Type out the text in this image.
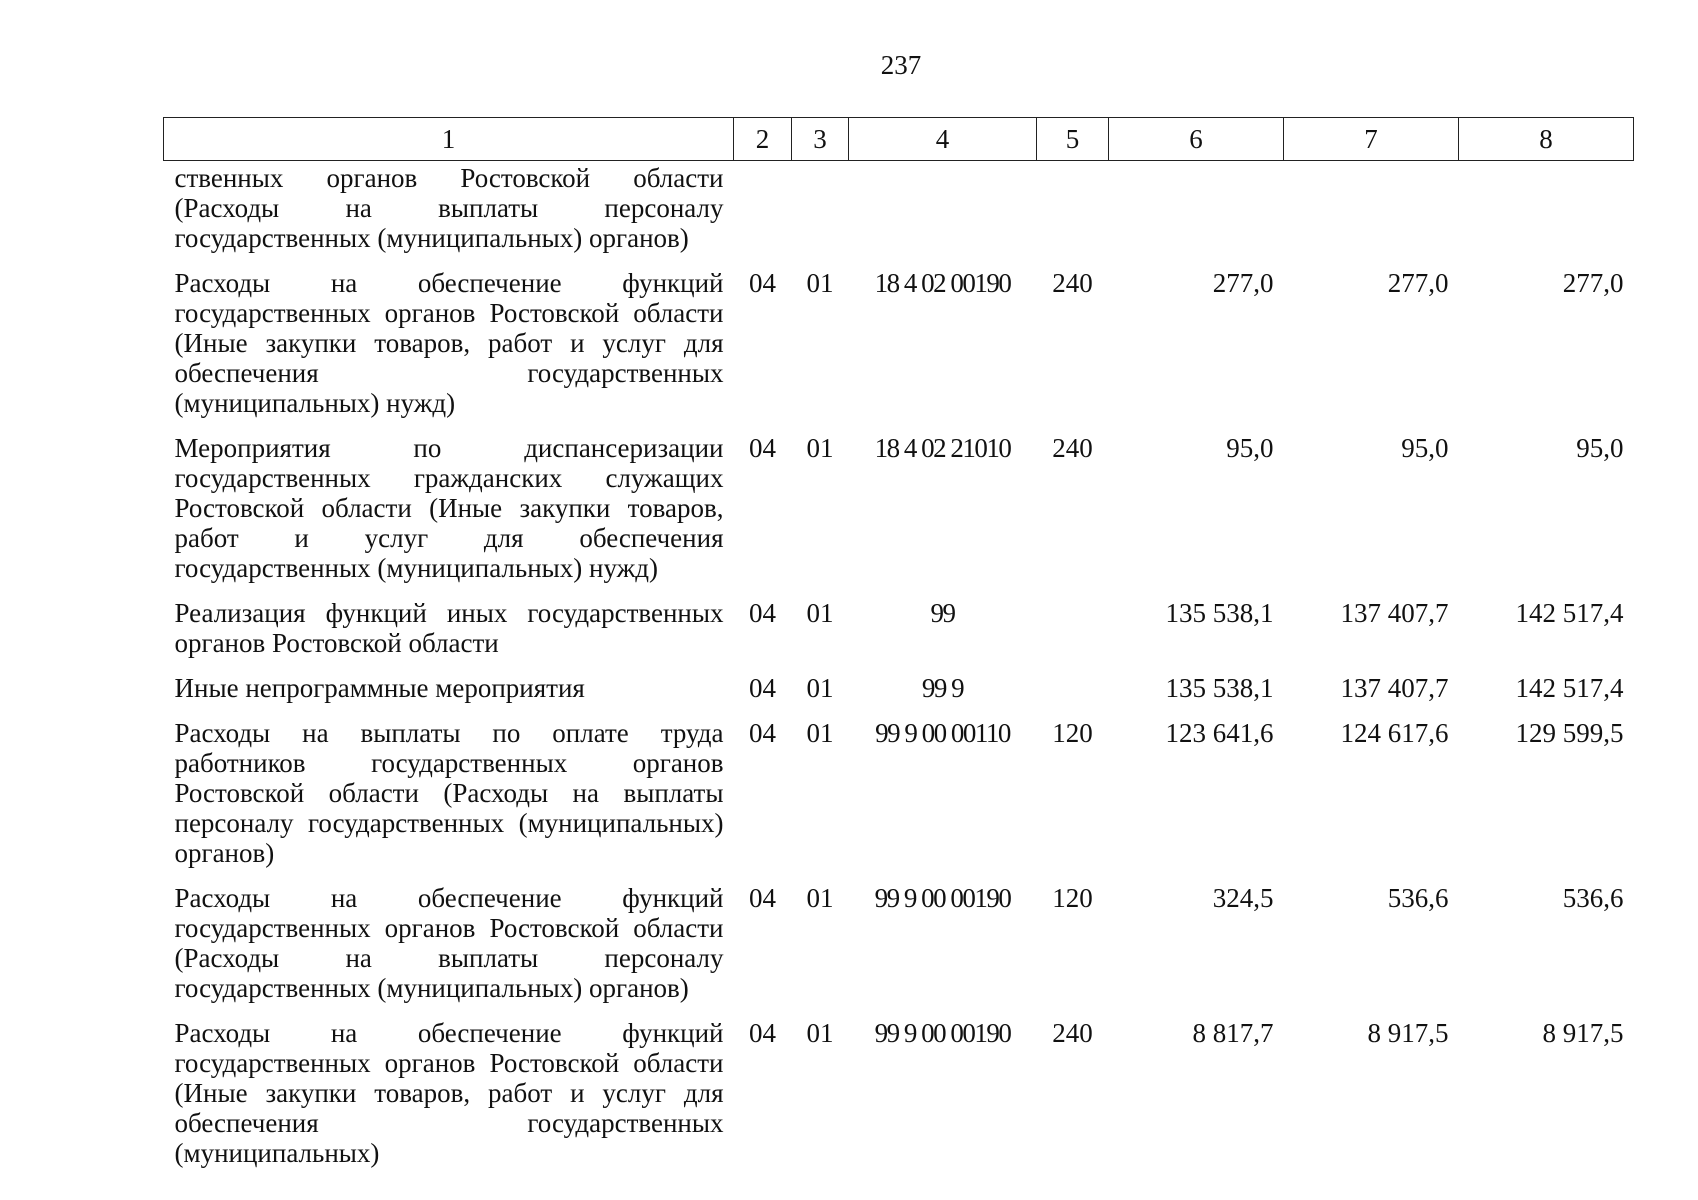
237
1	2	3	4	5	6	7	8
ственных органов Ростовской области (Расходы на выплаты персоналу государственных (муниципальных) органов)							
Расходы на обеспечение функций государственных органов Ростовской области (Иные закупки товаров, работ и услуг для обеспечения государственных (муниципальных) нужд)	04	01	18 4 02 00190	240	277,0	277,0	277,0
Мероприятия по диспансеризации государственных гражданских служащих Ростовской области (Иные закупки товаров, работ и услуг для обеспечения государственных (муниципальных) нужд)	04	01	18 4 02 21010	240	95,0	95,0	95,0
Реализация функций иных государственных органов Ростовской области	04	01	99		135 538,1	137 407,7	142 517,4
Иные непрограммные мероприятия	04	01	99 9		135 538,1	137 407,7	142 517,4
Расходы на выплаты по оплате труда работников государственных органов Ростовской области (Расходы на выплаты персоналу государственных (муниципальных) органов)	04	01	99 9 00 00110	120	123 641,6	124 617,6	129 599,5
Расходы на обеспечение функций государственных органов Ростовской области (Расходы на выплаты персоналу государственных (муниципальных) органов)	04	01	99 9 00 00190	120	324,5	536,6	536,6
Расходы на обеспечение функций государственных органов Ростовской области (Иные закупки товаров, работ и услуг для обеспечения государственных (муниципальных)	04	01	99 9 00 00190	240	8 817,7	8 917,5	8 917,5
